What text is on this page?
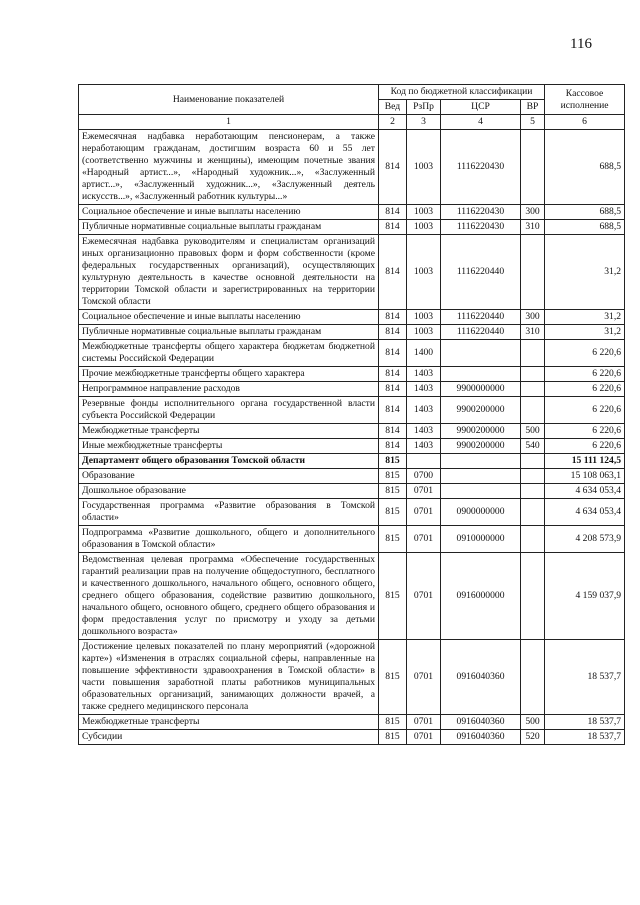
116
Наименование показателей	Код по бюджетной классификации				Кассовое исполнение
	Вед	РзПр	ЦСР	ВР	
1	2	3	4	5	6
Ежемесячная надбавка неработающим пенсионерам, а также неработающим гражданам, достигшим возраста 60 и 55 лет (соответственно мужчины и женщины), имеющим почетные звания «Народный артист...», «Народный художник...», «Заслуженный артист...», «Заслуженный художник...», «Заслуженный деятель искусств...», «Заслуженный работник культуры...»	814	1003	1116220430		688,5
Социальное обеспечение и иные выплаты населению	814	1003	1116220430	300	688,5
Публичные нормативные социальные выплаты гражданам	814	1003	1116220430	310	688,5
Ежемесячная надбавка руководителям и специалистам организаций иных организационно правовых форм и форм собственности (кроме федеральных государственных организаций), осуществляющих культурную деятельность в качестве основной деятельности на территории Томской области и зарегистрированных на территории Томской области	814	1003	1116220440		31,2
Социальное обеспечение и иные выплаты населению	814	1003	1116220440	300	31,2
Публичные нормативные социальные выплаты гражданам	814	1003	1116220440	310	31,2
Межбюджетные трансферты общего характера бюджетам бюджетной системы Российской Федерации	814	1400			6 220,6
Прочие межбюджетные трансферты общего характера	814	1403			6 220,6
Непрограммное направление расходов	814	1403	9900000000		6 220,6
Резервные фонды исполнительного органа государственной власти субъекта Российской Федерации	814	1403	9900200000		6 220,6
Межбюджетные трансферты	814	1403	9900200000	500	6 220,6
Иные межбюджетные трансферты	814	1403	9900200000	540	6 220,6
Департамент общего образования Томской области	815				15 111 124,5
Образование	815	0700			15 108 063,1
Дошкольное образование	815	0701			4 634 053,4
Государственная программа «Развитие образования в Томской области»	815	0701	0900000000		4 634 053,4
Подпрограмма «Развитие дошкольного, общего и дополнительного образования в Томской области»	815	0701	0910000000		4 208 573,9
Ведомственная целевая программа «Обеспечение государственных гарантий реализации прав на получение общедоступного, бесплатного и качественного дошкольного, начального общего, основного общего, среднего общего образования, содействие развитию дошкольного, начального общего, основного общего, среднего общего образования и форм предоставления услуг по присмотру и уходу за детьми дошкольного возраста»	815	0701	0916000000		4 159 037,9
Достижение целевых показателей по плану мероприятий («дорожной карте») «Изменения в отраслях социальной сферы, направленные на повышение эффективности здравоохранения в Томской области» в части повышения заработной платы работников муниципальных образовательных организаций, занимающих должности врачей, а также среднего медицинского персонала	815	0701	0916040360		18 537,7
Межбюджетные трансферты	815	0701	0916040360	500	18 537,7
Субсидии	815	0701	0916040360	520	18 537,7
